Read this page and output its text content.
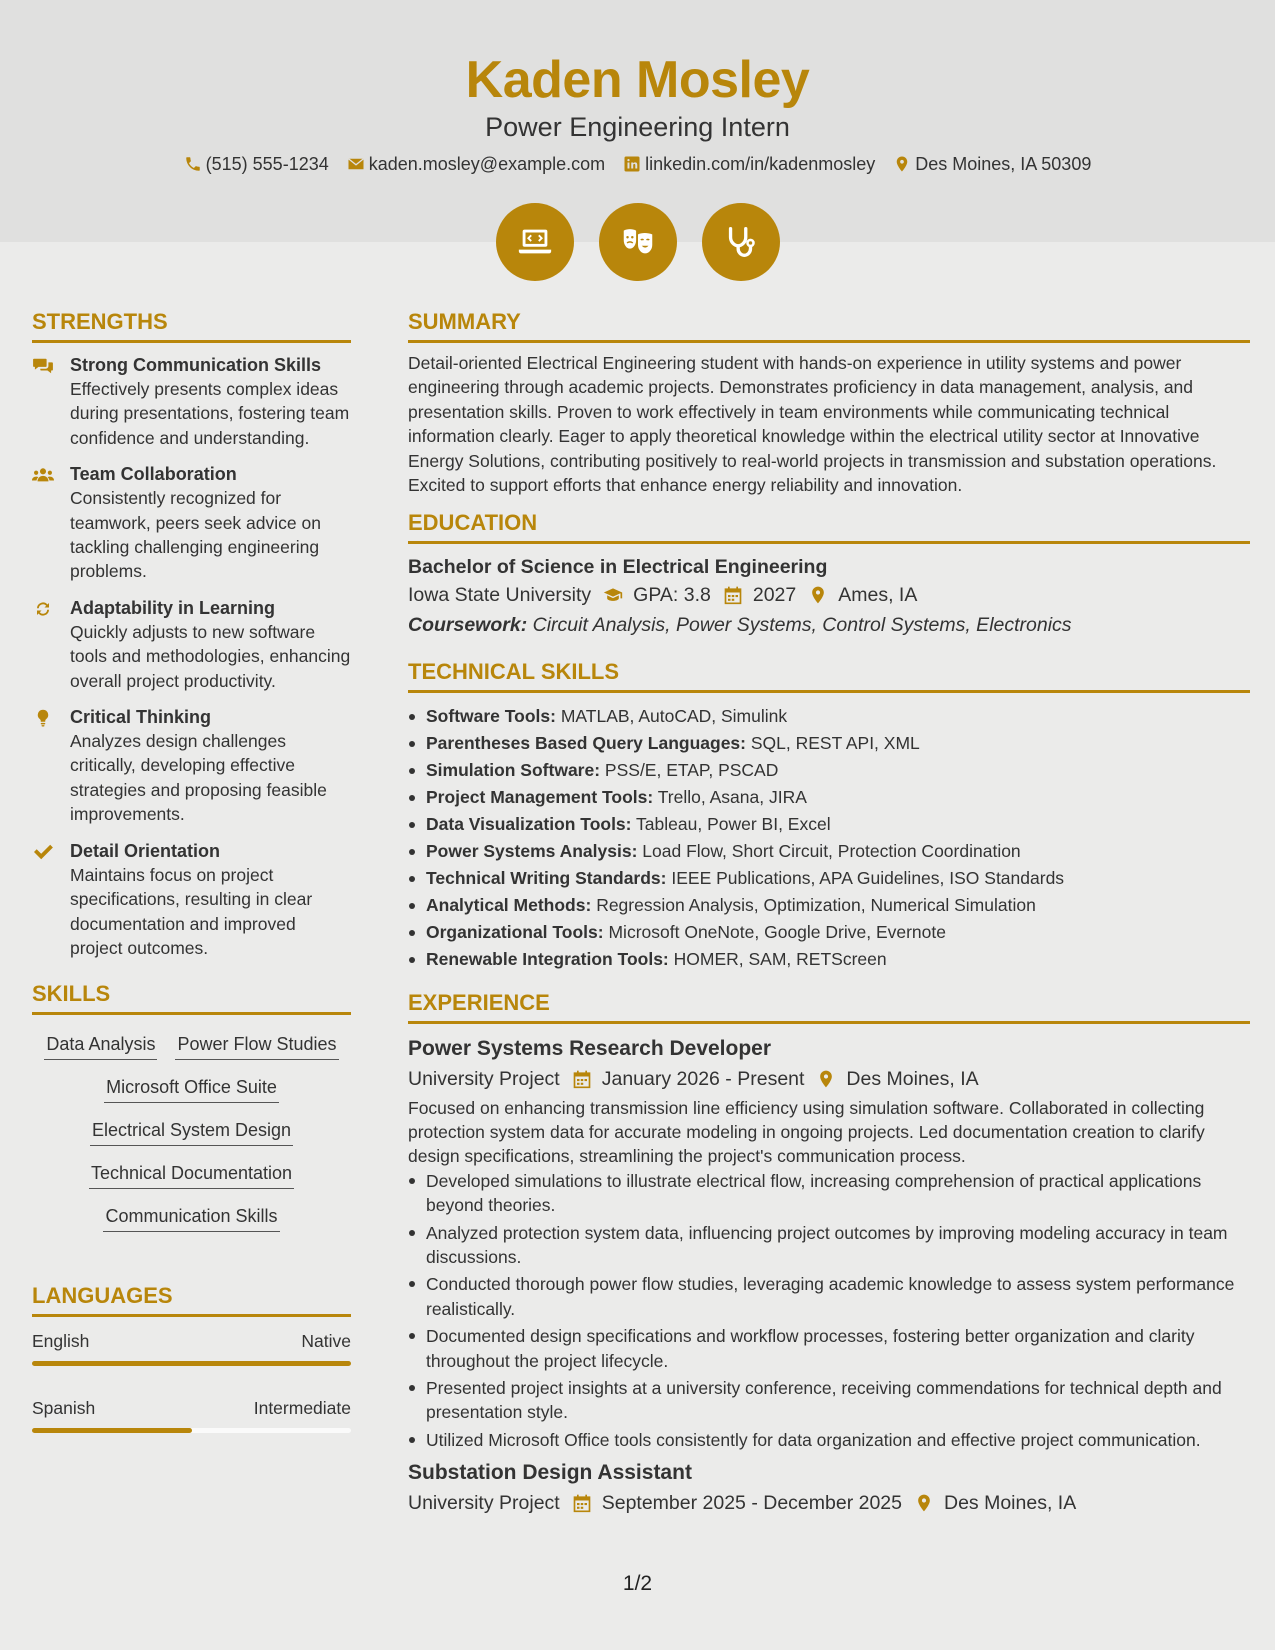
Kaden Mosley
Power Engineering Intern
(515) 555-1234 kaden.mosley@example.com linkedin.com/in/kadenmosley Des Moines, IA 50309
STRENGTHS
Strong Communication Skills
Effectively presents complex ideas during presentations, fostering team confidence and understanding.
Team Collaboration
Consistently recognized for teamwork, peers seek advice on tackling challenging engineering problems.
Adaptability in Learning
Quickly adjusts to new software tools and methodologies, enhancing overall project productivity.
Critical Thinking
Analyzes design challenges critically, developing effective strategies and proposing feasible improvements.
Detail Orientation
Maintains focus on project specifications, resulting in clear documentation and improved project outcomes.
SKILLS
Data Analysis Power Flow Studies
Microsoft Office Suite
Electrical System Design
Technical Documentation
Communication Skills
LANGUAGES
English	Native
Spanish	Intermediate
SUMMARY
Detail-oriented Electrical Engineering student with hands-on experience in utility systems and power engineering through academic projects. Demonstrates proficiency in data management, analysis, and presentation skills. Proven to work effectively in team environments while communicating technical information clearly. Eager to apply theoretical knowledge within the electrical utility sector at Innovative Energy Solutions, contributing positively to real-world projects in transmission and substation operations. Excited to support efforts that enhance energy reliability and innovation.
EDUCATION
Bachelor of Science in Electrical Engineering
Iowa State University GPA: 3.8 2027 Ames, IA
Coursework: Circuit Analysis, Power Systems, Control Systems, Electronics
TECHNICAL SKILLS
Software Tools: MATLAB, AutoCAD, Simulink
Parentheses Based Query Languages: SQL, REST API, XML
Simulation Software: PSS/E, ETAP, PSCAD
Project Management Tools: Trello, Asana, JIRA
Data Visualization Tools: Tableau, Power BI, Excel
Power Systems Analysis: Load Flow, Short Circuit, Protection Coordination
Technical Writing Standards: IEEE Publications, APA Guidelines, ISO Standards
Analytical Methods: Regression Analysis, Optimization, Numerical Simulation
Organizational Tools: Microsoft OneNote, Google Drive, Evernote
Renewable Integration Tools: HOMER, SAM, RETScreen
EXPERIENCE
Power Systems Research Developer
University Project January 2026 - Present Des Moines, IA
Focused on enhancing transmission line efficiency using simulation software. Collaborated in collecting protection system data for accurate modeling in ongoing projects. Led documentation creation to clarify design specifications, streamlining the project's communication process.
Developed simulations to illustrate electrical flow, increasing comprehension of practical applications beyond theories.
Analyzed protection system data, influencing project outcomes by improving modeling accuracy in team discussions.
Conducted thorough power flow studies, leveraging academic knowledge to assess system performance realistically.
Documented design specifications and workflow processes, fostering better organization and clarity throughout the project lifecycle.
Presented project insights at a university conference, receiving commendations for technical depth and presentation style.
Utilized Microsoft Office tools consistently for data organization and effective project communication.
Substation Design Assistant
University Project September 2025 - December 2025 Des Moines, IA
1/2
